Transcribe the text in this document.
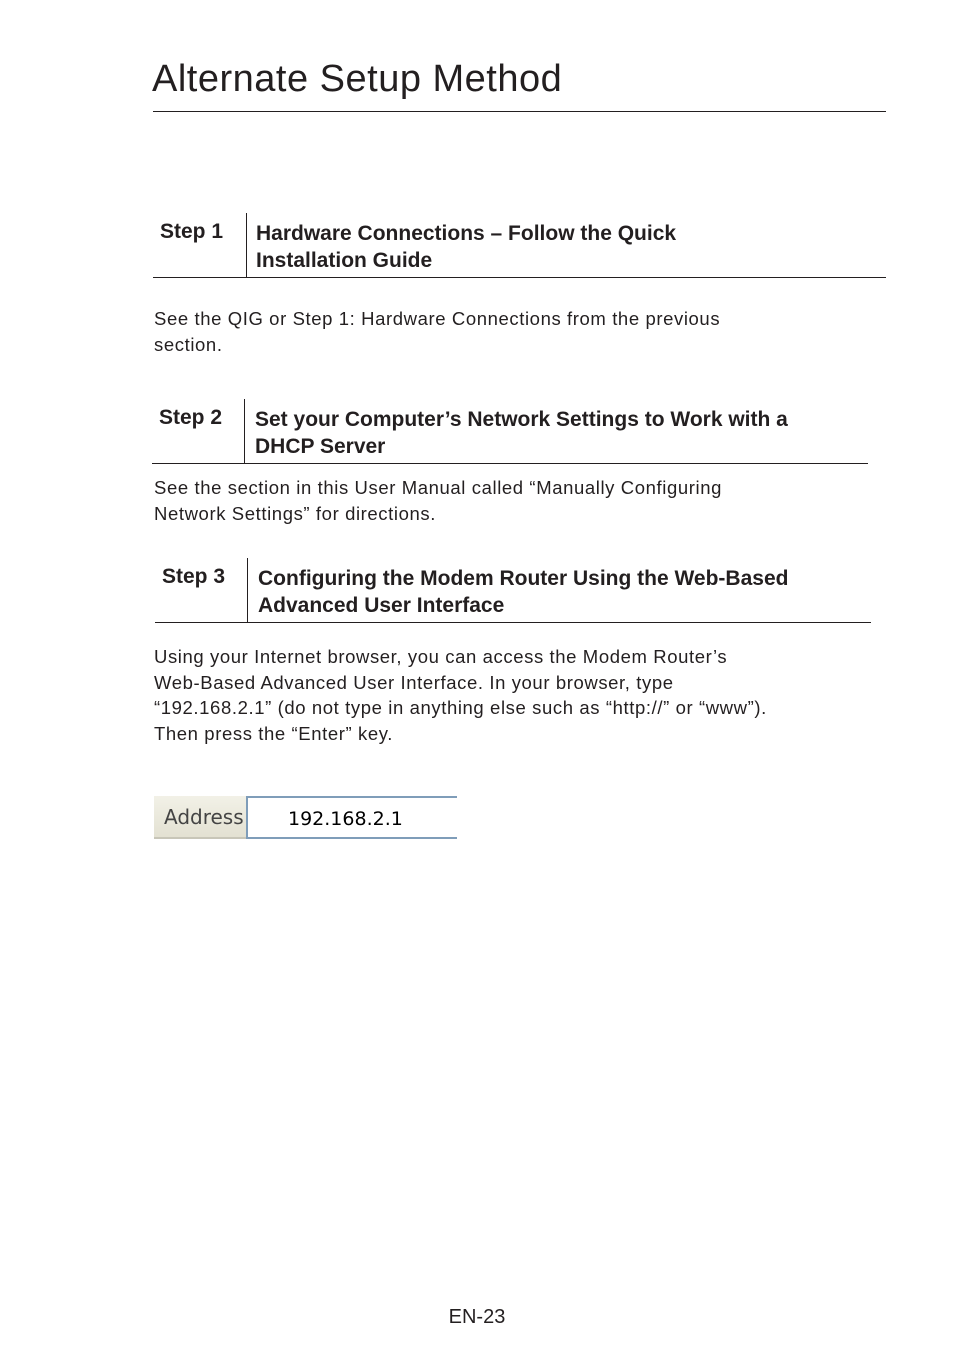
Alternate Setup Method
Step 1 Hardware Connections – Follow the Quick
Installation Guide
See the QIG or Step 1: Hardware Connections from the previous
section.
Step 2 Set your Computer’s Network Settings to Work with a
DHCP Server
See the section in this User Manual called “Manually Configuring
Network Settings” for directions.
Step 3 Configuring the Modem Router Using the Web-Based
Advanced User Interface
Using your Internet browser, you can access the Modem Router’s
Web-Based Advanced User Interface. In your browser, type
“192.168.2.1” (do not type in anything else such as “http://” or “www”).
Then press the “Enter” key.
Address	192.168.2.1
EN-23
